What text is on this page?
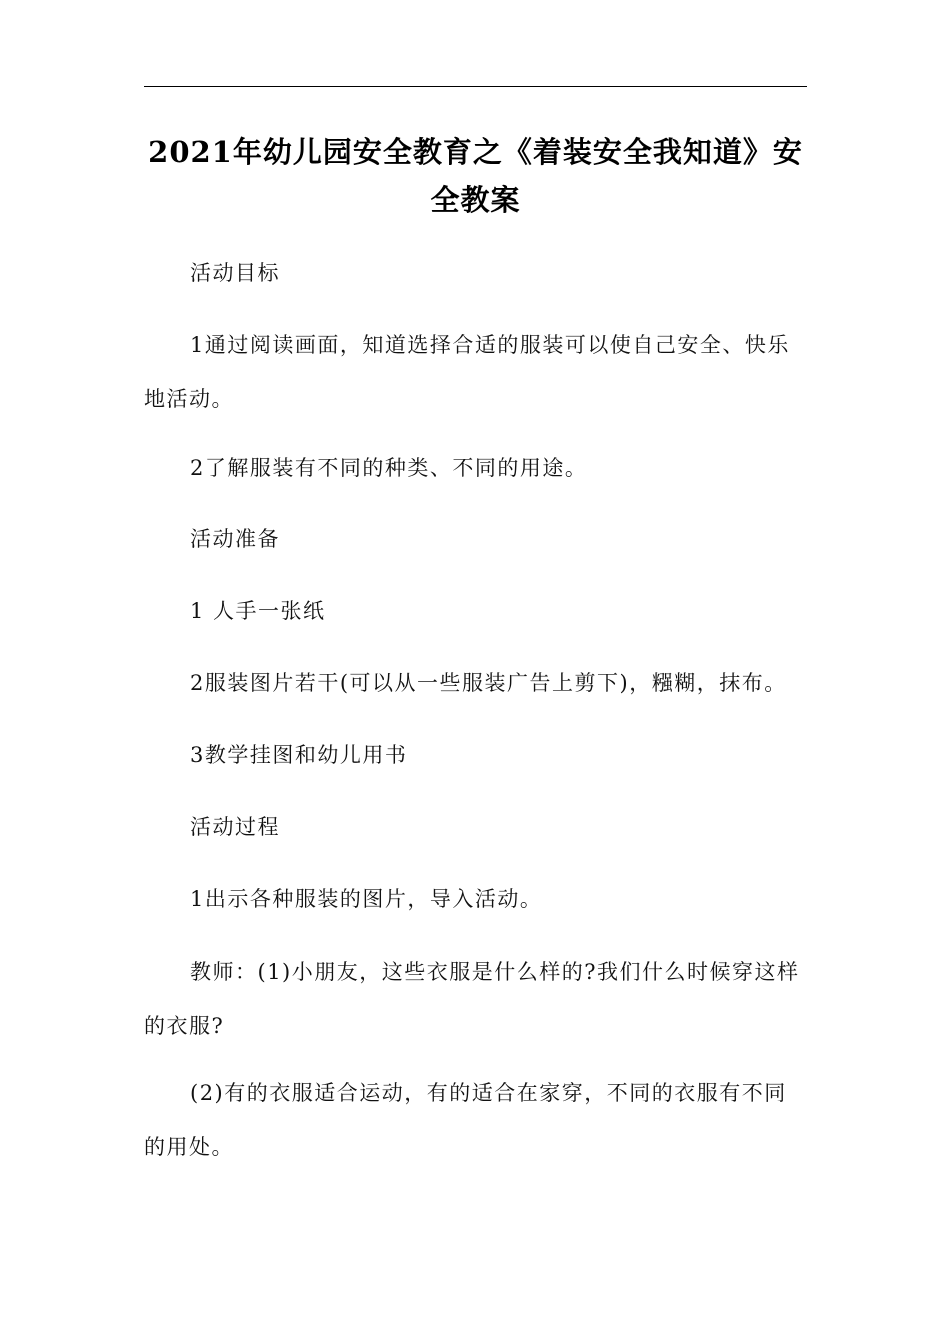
2021年幼儿园安全教育之《着装安全我知道》安全教案

活动目标

1通过阅读画面，知道选择合适的服装可以使自己安全、快乐地活动。

2了解服装有不同的种类、不同的用途。

活动准备

1 人手一张纸

2服装图片若干(可以从一些服装广告上剪下)，糨糊，抹布。

3教学挂图和幼儿用书

活动过程

1出示各种服装的图片，导入活动。

教师：(1)小朋友，这些衣服是什么样的?我们什么时候穿这样的衣服?

(2)有的衣服适合运动，有的适合在家穿，不同的衣服有不同的用处。
